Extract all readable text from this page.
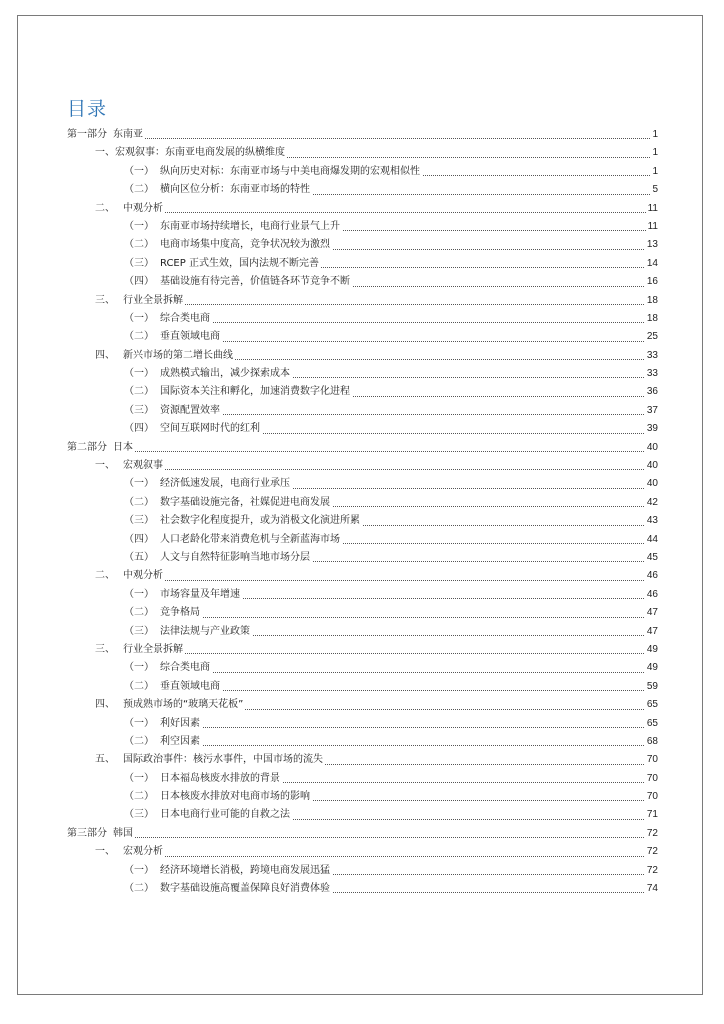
目录
第一部分 东南亚	1
一、宏观叙事：东南亚电商发展的纵横维度	1
（一） 纵向历史对标：东南亚市场与中美电商爆发期的宏观相似性	1
（二） 横向区位分析：东南亚市场的特性	5
二、 中观分析	11
（一） 东南亚市场持续增长，电商行业景气上升	11
（二） 电商市场集中度高，竞争状况较为激烈	13
（三） RCEP 正式生效，国内法规不断完善	14
（四） 基础设施有待完善，价值链各环节竞争不断	16
三、 行业全景拆解	18
（一） 综合类电商	18
（二） 垂直领域电商	25
四、 新兴市场的第二增长曲线	33
（一） 成熟模式输出，减少探索成本	33
（二） 国际资本关注和孵化，加速消费数字化进程	36
（三） 资源配置效率	37
（四） 空间互联网时代的红利	39
第二部分 日本	40
一、 宏观叙事	40
（一） 经济低速发展，电商行业承压	40
（二） 数字基础设施完备，社媒促进电商发展	42
（三） 社会数字化程度提升，或为消极文化演进所累	43
（四） 人口老龄化带来消费危机与全新蓝海市场	44
（五） 人文与自然特征影响当地市场分层	45
二、 中观分析	46
（一） 市场容量及年增速	46
（二） 竞争格局	47
（三） 法律法规与产业政策	47
三、 行业全景拆解	49
（一） 综合类电商	49
（二） 垂直领域电商	59
四、 预成熟市场的“玻璃天花板”	65
（一） 利好因素	65
（二） 利空因素	68
五、 国际政治事件：核污水事件，中国市场的流失	70
（一） 日本福岛核废水排放的背景	70
（二） 日本核废水排放对电商市场的影响	70
（三） 日本电商行业可能的自救之法	71
第三部分 韩国	72
一、 宏观分析	72
（一） 经济环境增长消极，跨境电商发展迅猛	72
（二） 数字基础设施高覆盖保障良好消费体验	74
